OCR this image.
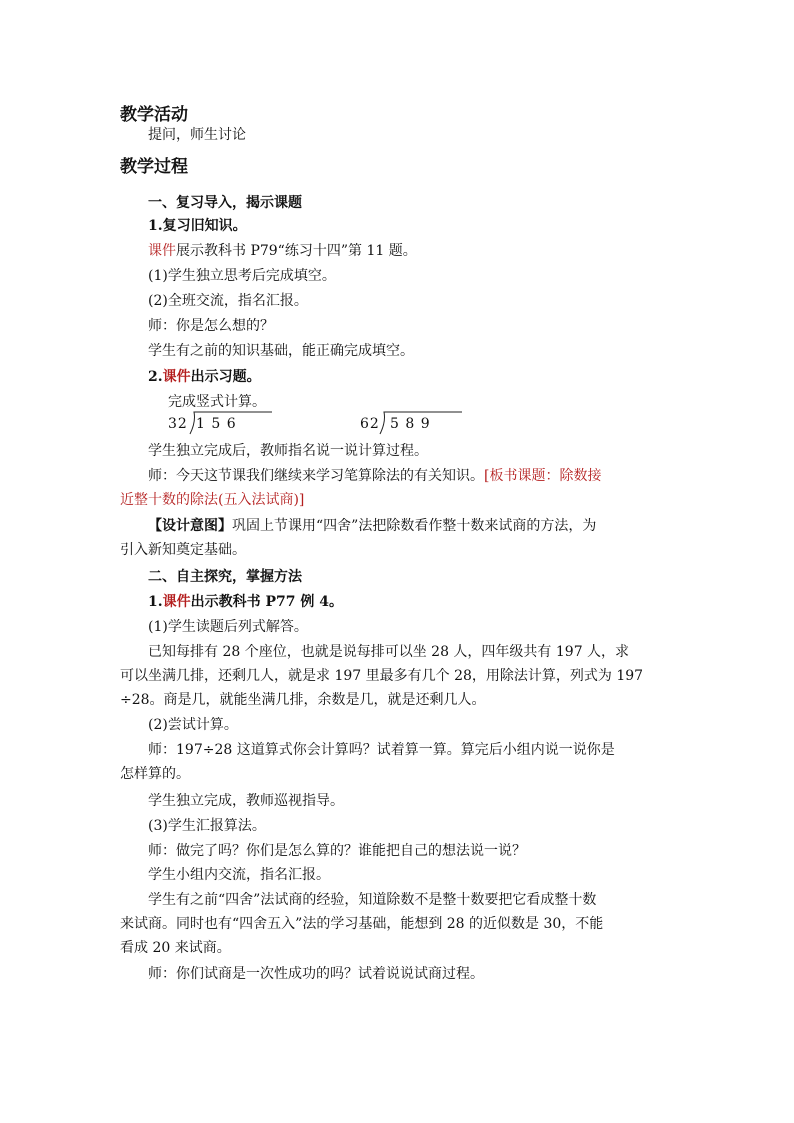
教学活动

提问，师生讨论

教学过程

一、复习导入，揭示课题

1.复习旧知识。

课件展示教科书 P79“练习十四”第 11 题。

(1)学生独立思考后完成填空。

(2)全班交流，指名汇报。

师：你是怎么想的？

学生有之前的知识基础，能正确完成填空。

2.课件出示习题。

完成竖式计算。

32 1 5 6	62 5 8 9

学生独立完成后，教师指名说一说计算过程。

师：今天这节课我们继续来学习笔算除法的有关知识。[板书课题：除数接

近整十数的除法(五入法试商)]

【设计意图】巩固上节课用“四舍”法把除数看作整十数来试商的方法，为

引入新知奠定基础。

二、自主探究，掌握方法

1.课件出示教科书 P77 例 4。

(1)学生读题后列式解答。

已知每排有 28 个座位，也就是说每排可以坐 28 人，四年级共有 197 人，求

可以坐满几排，还剩几人，就是求 197 里最多有几个 28，用除法计算，列式为 197

÷28。商是几，就能坐满几排，余数是几，就是还剩几人。

(2)尝试计算。

师：197÷28 这道算式你会计算吗？试着算一算。算完后小组内说一说你是

怎样算的。

学生独立完成，教师巡视指导。

(3)学生汇报算法。

师：做完了吗？你们是怎么算的？谁能把自己的想法说一说？

学生小组内交流，指名汇报。

学生有之前“四舍”法试商的经验，知道除数不是整十数要把它看成整十数

来试商。同时也有“四舍五入”法的学习基础，能想到 28 的近似数是 30，不能

看成 20 来试商。

师：你们试商是一次性成功的吗？试着说说试商过程。
